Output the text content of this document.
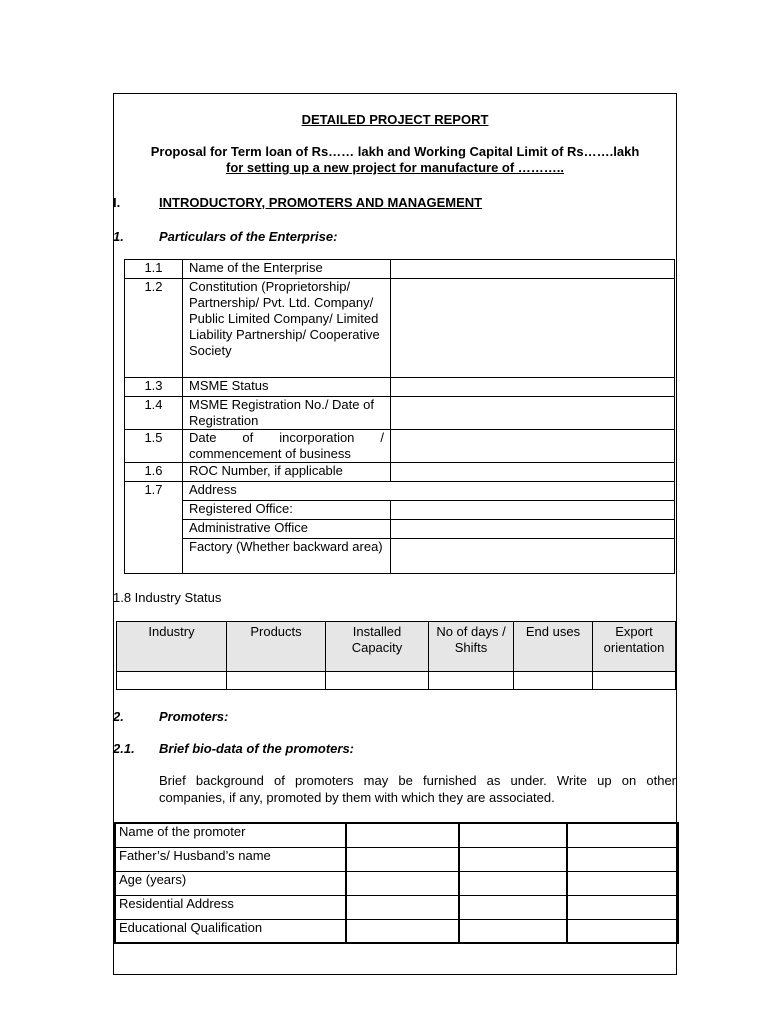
DETAILED PROJECT REPORT
Proposal for Term loan of Rs…… lakh and Working Capital Limit of Rs…….lakh
for setting up a new project for manufacture of ………..
I.	INTRODUCTORY, PROMOTERS AND MANAGEMENT
1.	Particulars of the Enterprise:
1.1	Name of the Enterprise	
1.2	Constitution (Proprietorship/ Partnership/ Pvt. Ltd. Company/ Public Limited Company/ Limited Liability Partnership/ Cooperative Society	
1.3	MSME Status	
1.4	MSME Registration No./ Date of Registration	
1.5	Date of incorporation /
commencement of business	

1.6	ROC Number, if applicable	
1.7	Address	
	Registered Office:	
	Administrative Office	
	Factory (Whether backward area)	
1.8 Industry Status
Industry	Products	Installed Capacity	No of days / Shifts	End uses	Export orientation

2.	Promoters:
2.1. Brief bio-data of the promoters:
Brief background of promoters may be furnished as under. Write up on other
companies, if any, promoted by them with which they are associated.
Name of the promoter			
Father’s/ Husband’s name			
Age (years)			
Residential Address			
Educational Qualification			
